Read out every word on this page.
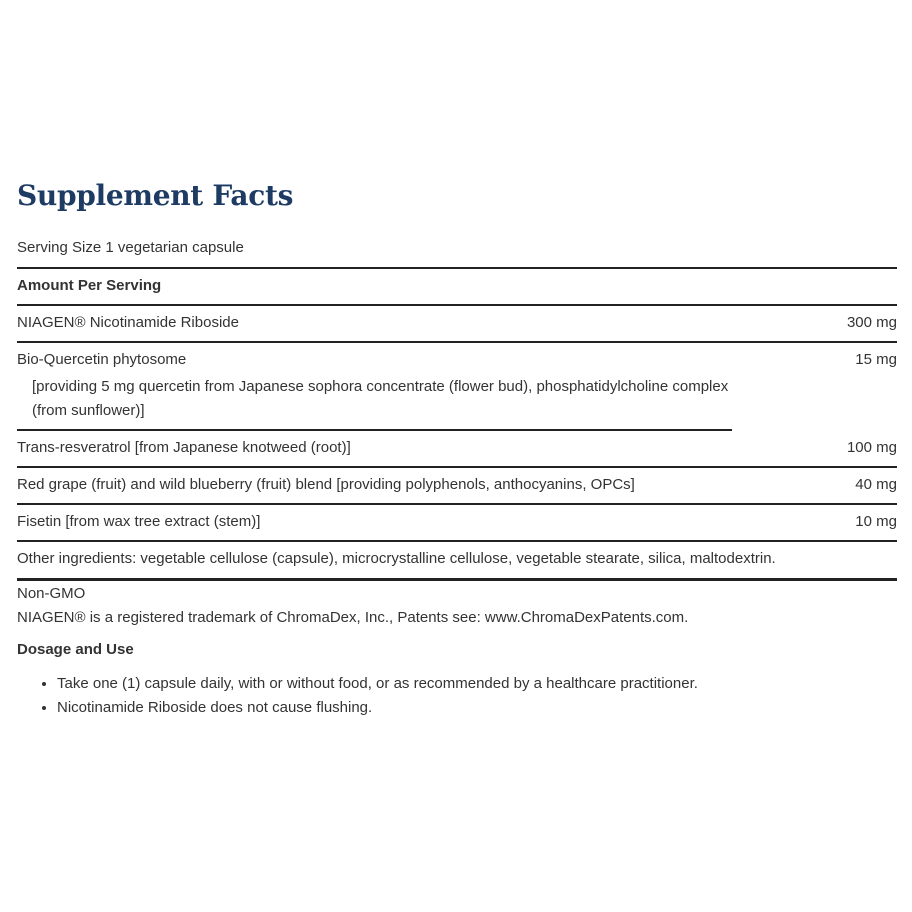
Supplement Facts
Serving Size 1 vegetarian capsule
Amount Per Serving
NIAGEN® Nicotinamide Riboside	300 mg
Bio-Quercetin phytosome	15 mg
[providing 5 mg quercetin from Japanese sophora concentrate (flower bud), phosphatidylcholine complex (from sunflower)]
Trans-resveratrol [from Japanese knotweed (root)]	100 mg
Red grape (fruit) and wild blueberry (fruit) blend [providing polyphenols, anthocyanins, OPCs]	40 mg
Fisetin [from wax tree extract (stem)]	10 mg
Other ingredients: vegetable cellulose (capsule), microcrystalline cellulose, vegetable stearate, silica, maltodextrin.
Non-GMO
NIAGEN® is a registered trademark of ChromaDex, Inc., Patents see: www.ChromaDexPatents.com.
Dosage and Use
• Take one (1) capsule daily, with or without food, or as recommended by a healthcare practitioner.
• Nicotinamide Riboside does not cause flushing.
